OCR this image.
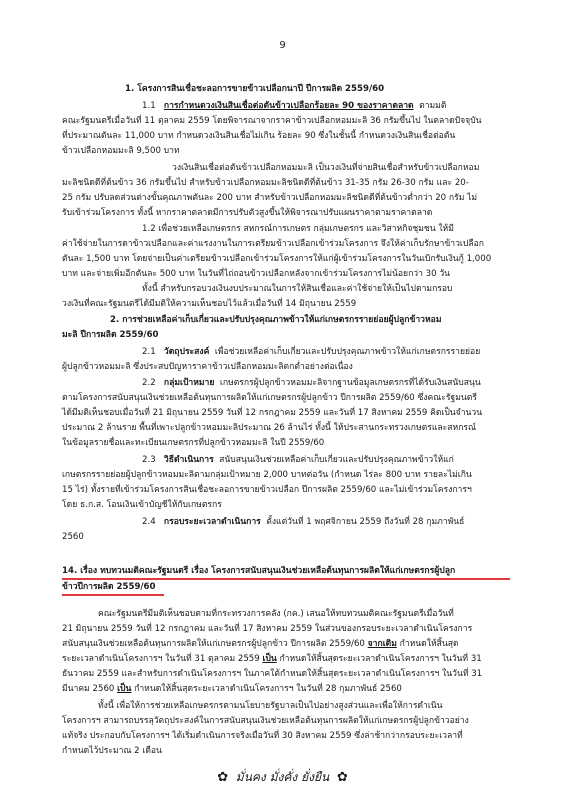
9
1. โครงการสินเชื่อชะลอการขายข้าวเปลือกนาปี ปีการผลิต 2559/60
1.1 การกำหนดวงเงินสินเชื่อต่อตันข้าวเปลือกร้อยละ 90 ของราคาตลาด ตามมติ
คณะรัฐมนตรีเมื่อวันที่ 11 ตุลาคม 2559 โดยพิจารณาจากราคาข้าวเปลือกหอมมะลิ 36 กรัมขึ้นไป ในตลาดปัจจุบัน
ที่ประมาณตันละ 11,000 บาท กำหนดวงเงินสินเชื่อไม่เกิน ร้อยละ 90 ซึ่งในชั้นนี้ กำหนดวงเงินสินเชื่อต่อตัน
ข้าวเปลือกหอมมะลิ 9,500 บาท
วงเงินสินเชื่อต่อตันข้าวเปลือกหอมมะลิ เป็นวงเงินที่จ่ายสินเชื่อสำหรับข้าวเปลือกหอม
มะลิชนิดดีที่ต้นข้าว 36 กรัมขึ้นไป สำหรับข้าวเปลือกหอมมะลิชนิดดีที่ต้นข้าว 31-35 กรัม 26-30 กรัม และ 20-
25 กรัม ปรับลดส่วนต่างขั้นคุณภาพตันละ 200 บาท สำหรับข้าวเปลือกหอมมะลิชนิดดีที่ต้นข้าวต่ำกว่า 20 กรัม ไม่
รับเข้าร่วมโครงการ ทั้งนี้ หากราคาตลาดมีการปรับตัวสูงขึ้นให้พิจารณาปรับแผนราคาตามราคาตลาด
1.2 เพื่อช่วยเหลือเกษตรกร สหกรณ์การเกษตร กลุ่มเกษตรกร และวิสาหกิจชุมชน ให้มี
ค่าใช้จ่ายในการดาข้าวเปลือกและค่าแรงงานในการเตรียมข้าวเปลือกเข้าร่วมโครงการ จึงให้ค่าเก็บรักษาข้าวเปลือก
ตันละ 1,500 บาท โดยจ่ายเป็นค่าเตรียมข้าวเปลือกเข้าร่วมโครงการให้แก่ผู้เข้าร่วมโครงการในวันเบิกรับเงินกู้ 1,000
บาท และจ่ายเพิ่มอีกตันละ 500 บาท ในวันที่ไถ่ถอนข้าวเปลือกหลังจากเข้าร่วมโครงการไม่น้อยกว่า 30 วัน
ทั้งนี้ สำหรับกรอบวงเงินงบประมาณในการให้สินเชื่อและค่าใช้จ่ายให้เป็นไปตามกรอบ
วงเงินที่คณะรัฐมนตรีได้มีมติให้ความเห็นชอบไว้แล้วเมื่อวันที่ 14 มิถุนายน 2559
2. การช่วยเหลือค่าเก็บเกี่ยวและปรับปรุงคุณภาพข้าวให้แก่เกษตรกรรายย่อยผู้ปลูกข้าวหอม
มะลิ ปีการผลิต 2559/60
2.1 วัตถุประสงค์ เพื่อช่วยเหลือค่าเก็บเกี่ยวและปรับปรุงคุณภาพข้าวให้แก่เกษตรกรรายย่อย
ผู้ปลูกข้าวหอมมะลิ ซึ่งประสบปัญหาราคาข้าวเปลือกหอมมะลิตกต่ำอย่างต่อเนื่อง
2.2 กลุ่มเป้าหมาย เกษตรกรผู้ปลูกข้าวหอมมะลิจากฐานข้อมูลเกษตรกรที่ได้รับเงินสนับสนุน
ตามโครงการสนับสนุนเงินช่วยเหลือต้นทุนการผลิตให้แก่เกษตรกรผู้ปลูกข้าว ปีการผลิต 2559/60 ซึ่งคณะรัฐมนตรี
ได้มีมติเห็นชอบเมื่อวันที่ 21 มิถุนายน 2559 วันที่ 12 กรกฎาคม 2559 และวันที่ 17 สิงหาคม 2559 คิดเป็นจำนวน
ประมาณ 2 ล้านราย พื้นที่เพาะปลูกข้าวหอมมะลิประมาณ 26 ล้านไร่ ทั้งนี้ ให้ประสานกระทรวงเกษตรและสหกรณ์
ในข้อมูลรายชื่อและทะเบียนเกษตรกรที่ปลูกข้าวหอมมะลิ ในปี 2559/60
2.3 วิธีดำเนินการ สนับสนุนเงินช่วยเหลือค่าเก็บเกี่ยวและปรับปรุงคุณภาพข้าวให้แก่
เกษตรกรรายย่อยผู้ปลูกข้าวหอมมะลิตามกลุ่มเป้าหมาย 2,000 บาทต่อวัน (กำหนด ไร่ละ 800 บาท รายละไม่เกิน
15 ไร่) ทั้งรายที่เข้าร่วมโครงการสินเชื่อชะลอการขายข้าวเปลือก ปีการผลิต 2559/60 และไม่เข้าร่วมโครงการฯ
โดย ธ.ก.ส. โอนเงินเข้าบัญชีให้กับเกษตรกร
2.4 กรอบระยะเวลาดำเนินการ ตั้งแต่วันที่ 1 พฤศจิกายน 2559 ถึงวันที่ 28 กุมภาพันธ์
2560
14. เรื่อง ทบทวนมติคณะรัฐมนตรี เรื่อง โครงการสนับสนุนเงินช่วยเหลือต้นทุนการผลิตให้แก่เกษตรกรผู้ปลูก
ข้าวปีการผลิต 2559/60
คณะรัฐมนตรีมีมติเห็นชอบตามที่กระทรวงการคลัง (กค.) เสนอให้ทบทวนมติคณะรัฐมนตรีเมื่อวันที่
21 มิถุนายน 2559 วันที่ 12 กรกฎาคม และวันที่ 17 สิงหาคม 2559 ในส่วนของกรอบระยะเวลาดำเนินโครงการ
สนับสนุนเงินช่วยเหลือต้นทุนการผลิตให้แก่เกษตรกรผู้ปลูกข้าว ปีการผลิต 2559/60 จากเดิม กำหนดให้สิ้นสุด
ระยะเวลาดำเนินโครงการฯ ในวันที่ 31 ตุลาคม 2559 เป็น กำหนดให้สิ้นสุดระยะเวลาดำเนินโครงการฯ ในวันที่ 31
ธันวาคม 2559 และสำหรับการดำเนินโครงการฯ ในภาคใต้กำหนดให้สิ้นสุดระยะเวลาดำเนินโครงการฯ ในวันที่ 31
มีนาคม 2560 เป็น กำหนดให้สิ้นสุดระยะเวลาดำเนินโครงการฯ ในวันที่ 28 กุมภาพันธ์ 2560
ทั้งนี้ เพื่อให้การช่วยเหลือเกษตรกรตามนโยบายรัฐบาลเป็นไปอย่างสูงส่วนและเพื่อให้การดำเนิน
โครงการฯ สามารถบรรลุวัตถุประสงค์ในการสนับสนุนเงินช่วยเหลือต้นทุนการผลิตให้แก่เกษตรกรผู้ปลูกข้าวอย่าง
แท้จริง ประกอบกับโครงการฯ ได้เริ่มดำเนินการจริงเมื่อวันที่ 30 สิงหาคม 2559 ซึ่งล่าช้ากว่ากรอบระยะเวลาที่
กำหนดไว้ประมาณ 2 เดือน
✿ มั่นคง มั่งคั่ง ยั่งยืน ✿
